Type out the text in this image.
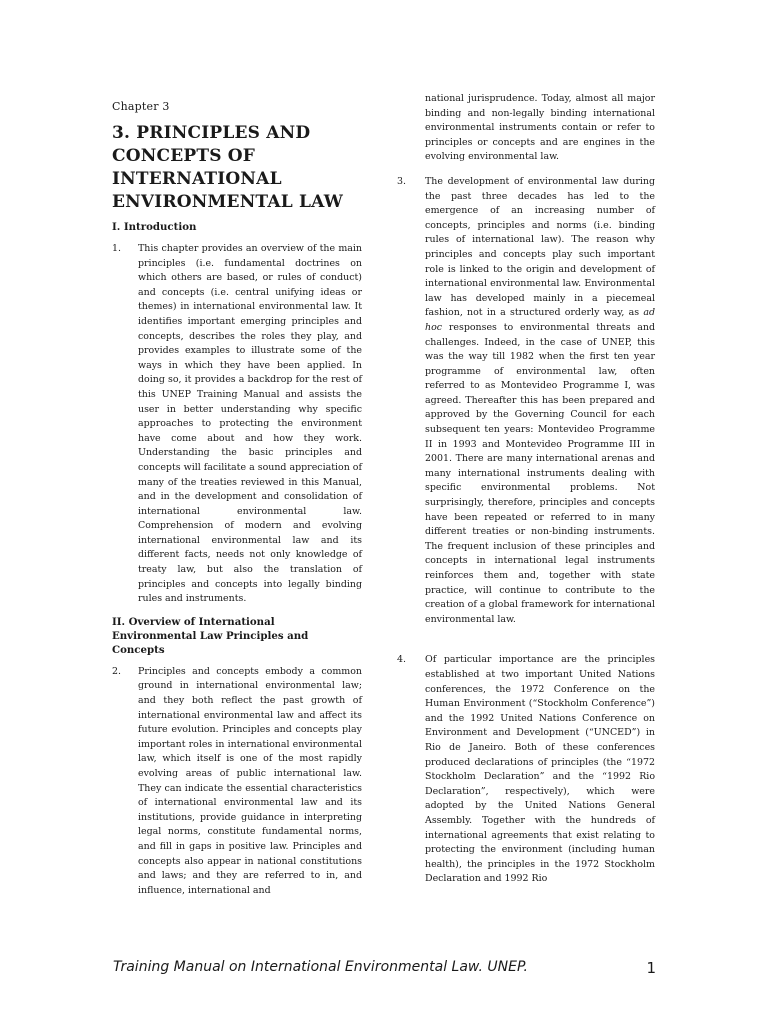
Chapter 3
3. PRINCIPLES AND CONCEPTS OF INTERNATIONAL ENVIRONMENTAL LAW
I. Introduction
1.	This chapter provides an overview of the main principles (i.e. fundamental doctrines on which others are based, or rules of conduct) and concepts (i.e. central unifying ideas or themes) in international environmental law. It identifies important emerging principles and concepts, describes the roles they play, and provides examples to illustrate some of the ways in which they have been applied. In doing so, it provides a backdrop for the rest of this UNEP Training Manual and assists the user in better understanding why specific approaches to protecting the environment have come about and how they work. Understanding the basic principles and concepts will facilitate a sound appreciation of many of the treaties reviewed in this Manual, and in the development and consolidation of international environmental law. Comprehension of modern and evolving international environmental law and its different facts, needs not only knowledge of treaty law, but also the translation of principles and concepts into legally binding rules and instruments.
II. Overview of International Environmental Law Principles and Concepts
2.	Principles and concepts embody a common ground in international environmental law; and they both reflect the past growth of international environmental law and affect its future evolution. Principles and concepts play important roles in international environmental law, which itself is one of the most rapidly evolving areas of public international law. They can indicate the essential characteristics of international environmental law and its institutions, provide guidance in interpreting legal norms, constitute fundamental norms, and fill in gaps in positive law. Principles and concepts also appear in national constitutions and laws; and they are referred to in, and influence, international and
national jurisprudence. Today, almost all major binding and non-legally binding international environmental instruments contain or refer to principles or concepts and are engines in the evolving environmental law.
3.	The development of environmental law during the past three decades has led to the emergence of an increasing number of concepts, principles and norms (i.e. binding rules of international law). The reason why principles and concepts play such important role is linked to the origin and development of international environmental law. Environmental law has developed mainly in a piecemeal fashion, not in a structured orderly way, as ad hoc responses to environmental threats and challenges. Indeed, in the case of UNEP, this was the way till 1982 when the first ten year programme of environmental law, often referred to as Montevideo Programme I, was agreed. Thereafter this has been prepared and approved by the Governing Council for each subsequent ten years: Montevideo Programme II in 1993 and Montevideo Programme III in 2001. There are many international arenas and many international instruments dealing with specific environmental problems. Not surprisingly, therefore, principles and concepts have been repeated or referred to in many different treaties or non-binding instruments. The frequent inclusion of these principles and concepts in international legal instruments reinforces them and, together with state practice, will continue to contribute to the creation of a global framework for international environmental law.
4.	Of particular importance are the principles established at two important United Nations conferences, the 1972 Conference on the Human Environment (“Stockholm Conference”) and the 1992 United Nations Conference on Environment and Development (“UNCED”) in Rio de Janeiro. Both of these conferences produced declarations of principles (the “1972 Stockholm Declaration” and the “1992 Rio Declaration”, respectively), which were adopted by the United Nations General Assembly. Together with the hundreds of international agreements that exist relating to protecting the environment (including human health), the principles in the 1972 Stockholm Declaration and 1992 Rio
Training Manual on International Environmental Law. UNEP.	1
